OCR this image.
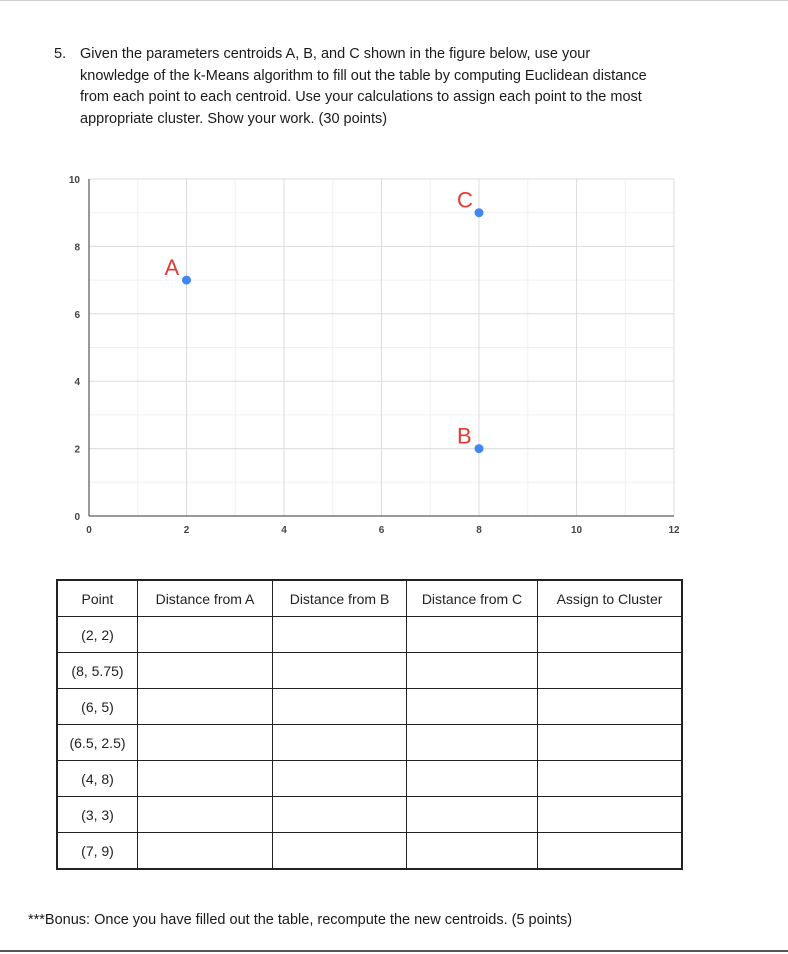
5. Given the parameters centroids A, B, and C shown in the figure below, use your
knowledge of the k-Means algorithm to fill out the table by computing Euclidean distance
from each point to each centroid. Use your calculations to assign each point to the most
appropriate cluster. Show your work. (30 points)
0	2	4	6	8	10	12
0
2
4
6
8
10
A
B
C
Point	Distance from A	Distance from B	Distance from C	Assign to Cluster
(2, 2)				
(8, 5.75)				
(6, 5)				
(6.5, 2.5)				
(4, 8)				
(3, 3)				
(7, 9)				
***Bonus: Once you have filled out the table, recompute the new centroids. (5 points)
